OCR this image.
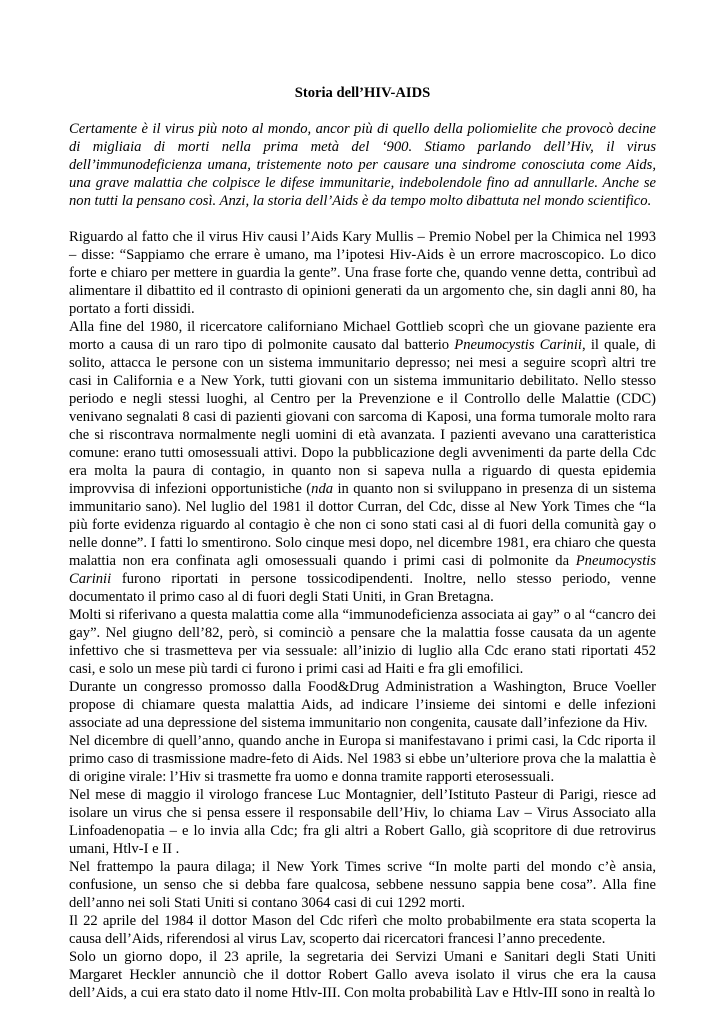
Storia dell’HIV-AIDS
Certamente è il virus più noto al mondo, ancor più di quello della poliomielite che provocò decine di migliaia di morti nella prima metà del ‘900. Stiamo parlando dell’Hiv, il virus dell’immunodeficienza umana, tristemente noto per causare una sindrome conosciuta come Aids, una grave malattia che colpisce le difese immunitarie, indebolendole fino ad annullarle. Anche se non tutti la pensano così. Anzi, la storia dell’Aids è da tempo molto dibattuta nel mondo scientifico.

Riguardo al fatto che il virus Hiv causi l’Aids Kary Mullis – Premio Nobel per la Chimica nel 1993 – disse: “Sappiamo che errare è umano, ma l’ipotesi Hiv-Aids è un errore macroscopico. Lo dico forte e chiaro per mettere in guardia la gente”. Una frase forte che, quando venne detta, contribuì ad alimentare il dibattito ed il contrasto di opinioni generati da un argomento che, sin dagli anni 80, ha portato a forti dissidi.

Alla fine del 1980, il ricercatore californiano Michael Gottlieb scoprì che un giovane paziente era morto a causa di un raro tipo di polmonite causato dal batterio Pneumocystis Carinii, il quale, di solito, attacca le persone con un sistema immunitario depresso; nei mesi a seguire scoprì altri tre casi in California e a New York, tutti giovani con un sistema immunitario debilitato. Nello stesso periodo e negli stessi luoghi, al Centro per la Prevenzione e il Controllo delle Malattie (CDC) venivano segnalati 8 casi di pazienti giovani con sarcoma di Kaposi, una forma tumorale molto rara che si riscontrava normalmente negli uomini di età avanzata. I pazienti avevano una caratteristica comune: erano tutti omosessuali attivi. Dopo la pubblicazione degli avvenimenti da parte della Cdc era molta la paura di contagio, in quanto non si sapeva nulla a riguardo di questa epidemia improvvisa di infezioni opportunistiche (nda in quanto non si sviluppano in presenza di un sistema immunitario sano). Nel luglio del 1981 il dottor Curran, del Cdc, disse al New York Times che “la più forte evidenza riguardo al contagio è che non ci sono stati casi al di fuori della comunità gay o nelle donne”. I fatti lo smentirono. Solo cinque mesi dopo, nel dicembre 1981, era chiaro che questa malattia non era confinata agli omosessuali quando i primi casi di polmonite da Pneumocystis Carinii furono riportati in persone tossicodipendenti. Inoltre, nello stesso periodo, venne documentato il primo caso al di fuori degli Stati Uniti, in Gran Bretagna.

Molti si riferivano a questa malattia come alla “immunodeficienza associata ai gay” o al “cancro dei gay”. Nel giugno dell’82, però, si cominciò a pensare che la malattia fosse causata da un agente infettivo che si trasmetteva per via sessuale: all’inizio di luglio alla Cdc erano stati riportati 452 casi, e solo un mese più tardi ci furono i primi casi ad Haiti e fra gli emofilici.

Durante un congresso promosso dalla Food&Drug Administration a Washington, Bruce Voeller propose di chiamare questa malattia Aids, ad indicare l’insieme dei sintomi e delle infezioni associate ad una depressione del sistema immunitario non congenita, causate dall’infezione da Hiv.

Nel dicembre di quell’anno, quando anche in Europa si manifestavano i primi casi, la Cdc riporta il primo caso di trasmissione madre-feto di Aids. Nel 1983 si ebbe un’ulteriore prova che la malattia è di origine virale: l’Hiv si trasmette fra uomo e donna tramite rapporti eterosessuali.

Nel mese di maggio il virologo francese Luc Montagnier, dell’Istituto Pasteur di Parigi, riesce ad isolare un virus che si pensa essere il responsabile dell’Hiv, lo chiama Lav – Virus Associato alla Linfoadenopatia – e lo invia alla Cdc; fra gli altri a Robert Gallo, già scopritore di due retrovirus umani, Htlv-I e II .

Nel frattempo la paura dilaga; il New York Times scrive “In molte parti del mondo c’è ansia, confusione, un senso che si debba fare qualcosa, sebbene nessuno sappia bene cosa”. Alla fine dell’anno nei soli Stati Uniti si contano 3064 casi di cui 1292 morti.

Il 22 aprile del 1984 il dottor Mason del Cdc riferì che molto probabilmente era stata scoperta la causa dell’Aids, riferendosi al virus Lav, scoperto dai ricercatori francesi l’anno precedente.

Solo un giorno dopo, il 23 aprile, la segretaria dei Servizi Umani e Sanitari degli Stati Uniti Margaret Heckler annunciò che il dottor Robert Gallo aveva isolato il virus che era la causa dell’Aids, a cui era stato dato il nome Htlv-III. Con molta probabilità Lav e Htlv-III sono in realtà lo
